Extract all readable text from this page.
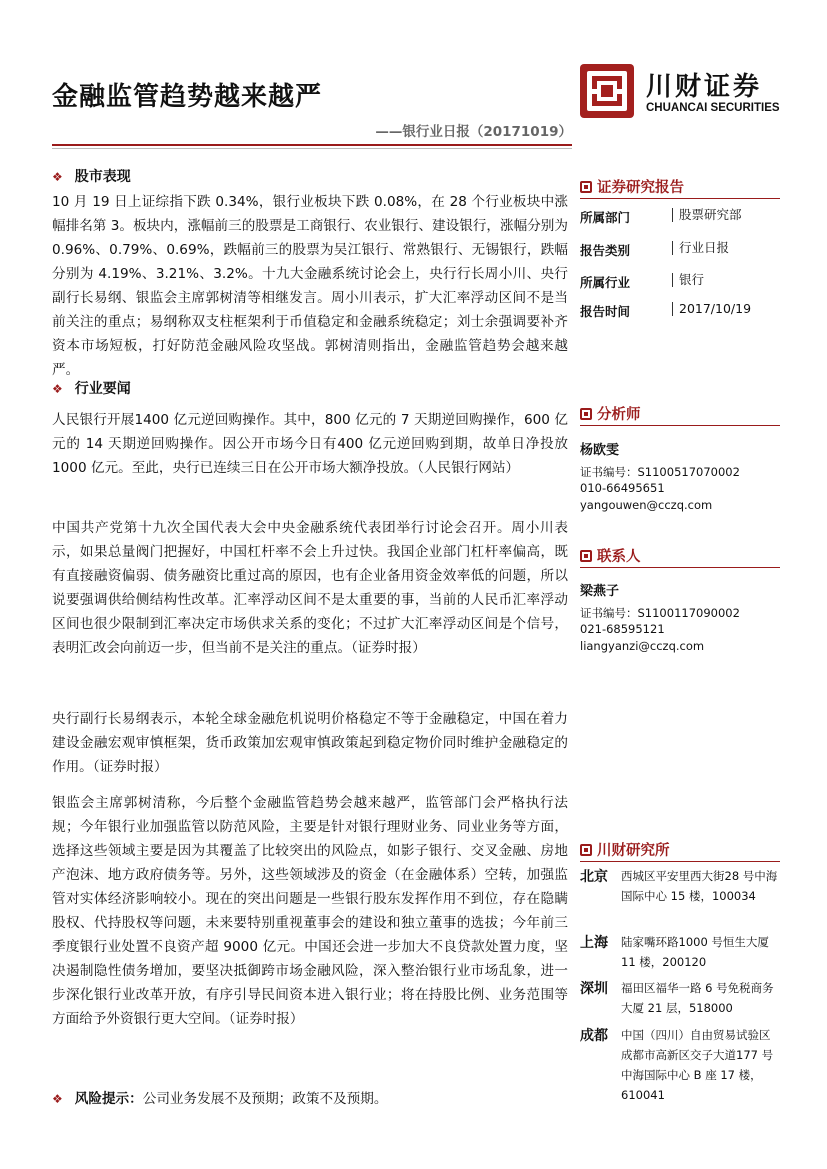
金融监管趋势越来越严
——银行业日报（20171019）
川财证券
CHUANCAI SECURITIES
❖ 股市表现
10 月 19 日上证综指下跌 0.34%，银行业板块下跌 0.08%，在 28 个行业板块中涨幅排名第 3。板块内，涨幅前三的股票是工商银行、农业银行、建设银行，涨幅分别为 0.96%、0.79%、0.69%，跌幅前三的股票为吴江银行、常熟银行、无锡银行，跌幅分别为 4.19%、3.21%、3.2%。十九大金融系统讨论会上，央行行长周小川、央行副行长易纲、银监会主席郭树清等相继发言。周小川表示，扩大汇率浮动区间不是当前关注的重点；易纲称双支柱框架利于币值稳定和金融系统稳定；刘士余强调要补齐资本市场短板，打好防范金融风险攻坚战。郭树清则指出，金融监管趋势会越来越严。
❖ 行业要闻
人民银行开展1400 亿元逆回购操作。其中，800 亿元的 7 天期逆回购操作，600 亿元的 14 天期逆回购操作。因公开市场今日有400 亿元逆回购到期，故单日净投放 1000 亿元。至此，央行已连续三日在公开市场大额净投放。（人民银行网站）
中国共产党第十九次全国代表大会中央金融系统代表团举行讨论会召开。周小川表示，如果总量阀门把握好，中国杠杆率不会上升过快。我国企业部门杠杆率偏高，既有直接融资偏弱、债务融资比重过高的原因，也有企业备用资金效率低的问题，所以说要强调供给侧结构性改革。汇率浮动区间不是太重要的事，当前的人民币汇率浮动区间也很少限制到汇率决定市场供求关系的变化；不过扩大汇率浮动区间是个信号，表明汇改会向前迈一步，但当前不是关注的重点。（证券时报）
央行副行长易纲表示，本轮全球金融危机说明价格稳定不等于金融稳定，中国在着力建设金融宏观审慎框架，货币政策加宏观审慎政策起到稳定物价同时维护金融稳定的作用。（证券时报）
银监会主席郭树清称，今后整个金融监管趋势会越来越严，监管部门会严格执行法规；今年银行业加强监管以防范风险，主要是针对银行理财业务、同业业务等方面，选择这些领域主要是因为其覆盖了比较突出的风险点，如影子银行、交叉金融、房地产泡沫、地方政府债务等。另外，这些领域涉及的资金（在金融体系）空转，加强监管对实体经济影响较小。现在的突出问题是一些银行股东发挥作用不到位，存在隐瞒股权、代持股权等问题，未来要特别重视董事会的建设和独立董事的选拔；今年前三季度银行业处置不良资产超 9000 亿元。中国还会进一步加大不良贷款处置力度，坚决遏制隐性债务增加，要坚决抵御跨市场金融风险，深入整治银行业市场乱象，进一步深化银行业改革开放，有序引导民间资本进入银行业；将在持股比例、业务范围等方面给予外资银行更大空间。（证券时报）
❖ 风险提示：公司业务发展不及预期；政策不及预期。
证券研究报告
所属部门	股票研究部
报告类别	行业日报
所属行业	银行
报告时间	2017/10/19
分析师
杨欧雯
证书编号：S1100517070002
010-66495651
yangouwen@cczq.com
联系人
梁燕子
证书编号：S1100117090002
021-68595121
liangyanzi@cczq.com
川财研究所
北京 西城区平安里西大街28 号中海国际中心 15 楼，100034
上海 陆家嘴环路1000 号恒生大厦 11 楼，200120
深圳 福田区福华一路 6 号免税商务大厦 21 层，518000
成都 中国（四川）自由贸易试验区成都市高新区交子大道177 号中海国际中心 B 座 17 楼，610041
